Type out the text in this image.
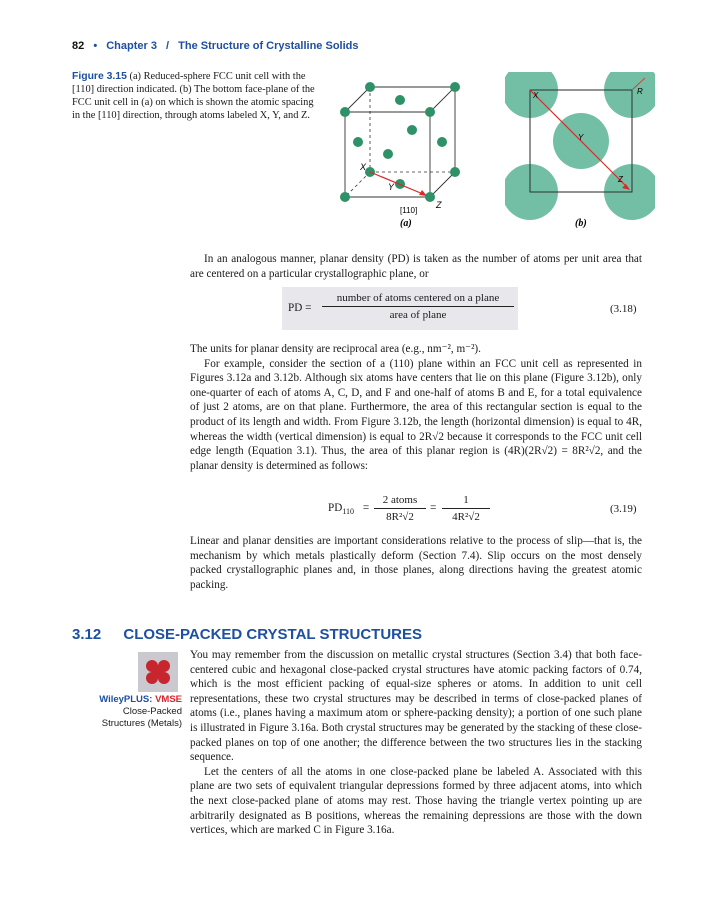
82 • Chapter 3 / The Structure of Crystalline Solids
Figure 3.15 (a) Reduced-sphere FCC unit cell with the [110] direction indicated. (b) The bottom face-plane of the FCC unit cell in (a) on which is shown the atomic spacing in the [110] direction, through atoms labeled X, Y, and Z.
X
Y
Z
[110]
(a)
X
Y
Z
R
(b)

In an analogous manner, planar density (PD) is taken as the number of atoms per unit area that are centered on a particular crystallographic plane, or

PD =
number of atoms centered on a plane
area of plane	(3.18)

The units for planar density are reciprocal area (e.g., nm⁻², m⁻²).

For example, consider the section of a (110) plane within an FCC unit cell as represented in Figures 3.12a and 3.12b. Although six atoms have centers that lie on this plane (Figure 3.12b), only one-quarter of each of atoms A, C, D, and F and one-half of atoms B and E, for a total equivalence of just 2 atoms, are on that plane. Furthermore, the area of this rectangular section is equal to the product of its length and width. From Figure 3.12b, the length (horizontal dimension) is equal to 4R, whereas the width (vertical dimension) is equal to 2R√2 because it corresponds to the FCC unit cell edge length (Equation 3.1). Thus, the area of this planar region is (4R)(2R√2) = 8R²√2, and the planar density is determined as follows:

$PD_{110}$ =
2 atoms
8R²√2
= $\frac{1}{\text{4R²√2}}$	(3.19)

Linear and planar densities are important considerations relative to the process of slip—that is, the mechanism by which metals plastically deform (Section 7.4). Slip occurs on the most densely packed crystallographic planes and, in those planes, along directions having the greatest atomic packing.

3.12 CLOSE-PACKED CRYSTAL STRUCTURES
WileyPLUS: VMSE
Close-Packed
Structures (Metals)

You may remember from the discussion on metallic crystal structures (Section 3.4) that both face-centered cubic and hexagonal close-packed crystal structures have atomic packing factors of 0.74, which is the most efficient packing of equal-size spheres or atoms. In addition to unit cell representations, these two crystal structures may be described in terms of close-packed planes of atoms (i.e., planes having a maximum atom or sphere-packing density); a portion of one such plane is illustrated in Figure 3.16a. Both crystal structures may be generated by the stacking of these close-packed planes on top of one another; the difference between the two structures lies in the stacking sequence.

Let the centers of all the atoms in one close-packed plane be labeled A. Associated with this plane are two sets of equivalent triangular depressions formed by three adjacent atoms, into which the next close-packed plane of atoms may rest. Those having the triangle vertex pointing up are arbitrarily designated as B positions, whereas the remaining depressions are those with the down vertices, which are marked C in Figure 3.16a.
